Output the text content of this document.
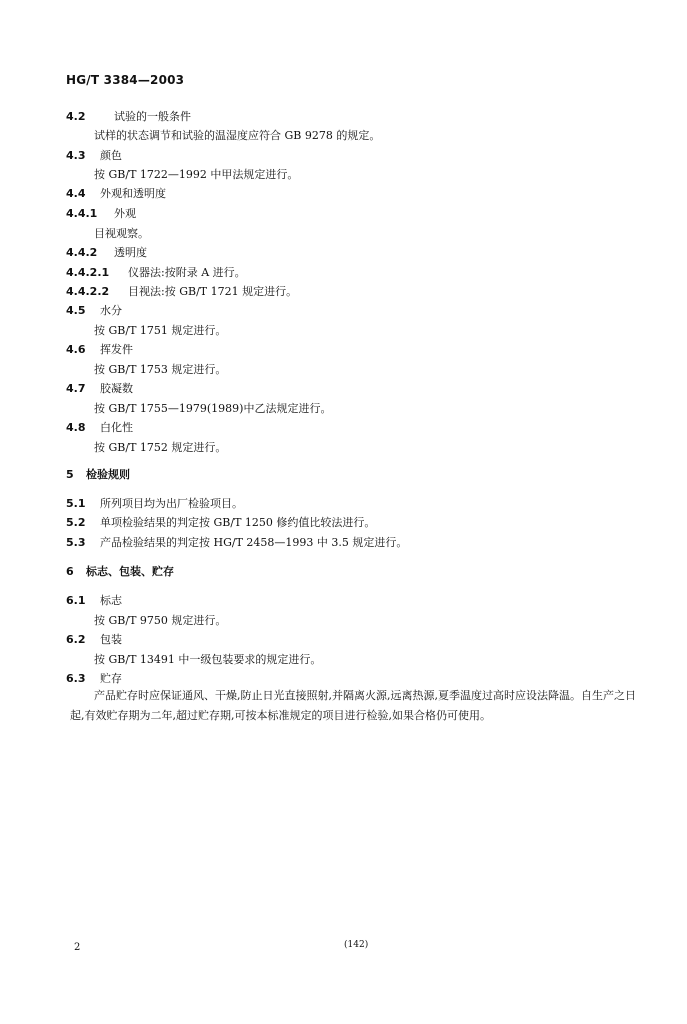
HG/T 3384—2003
4.2	试验的一般条件
试样的状态调节和试验的温湿度应符合 GB 9278 的规定。
4.3 颜色
按 GB/T 1722—1992 中甲法规定进行。
4.4 外观和透明度
4.4.1 外观
目视观察。
4.4.2 透明度
4.4.2.1 仪器法:按附录 A 进行。
4.4.2.2 目视法:按 GB/T 1721 规定进行。
4.5 水分
按 GB/T 1751 规定进行。
4.6 挥发件
按 GB/T 1753 规定进行。
4.7 胶凝数
按 GB/T 1755—1979(1989)中乙法规定进行。
4.8 白化性
按 GB/T 1752 规定进行。
5 检验规则
5.1 所列项目均为出厂检验项目。
5.2 单项检验结果的判定按 GB/T 1250 修约值比较法进行。
5.3 产品检验结果的判定按 HG/T 2458—1993 中 3.5 规定进行。
6 标志、包装、贮存
6.1 标志
按 GB/T 9750 规定进行。
6.2 包装
按 GB/T 13491 中一级包装要求的规定进行。
6.3 贮存
产品贮存时应保证通风、干燥,防止日光直接照射,并隔离火源,远离热源,夏季温度过高时应设法降温。自生产之日起,有效贮存期为二年,超过贮存期,可按本标准规定的项目进行检验,如果合格仍可使用。
2	(142)
